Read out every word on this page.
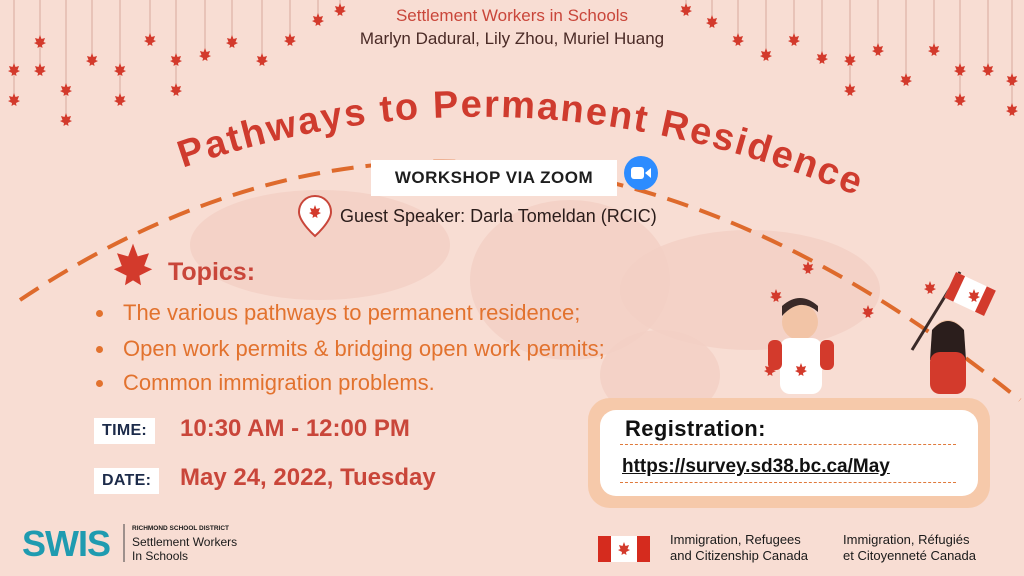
Pathways to Permanent Residence
Settlement Workers in Schools
Marlyn Dadural, Lily Zhou, Muriel Huang
WORKSHOP VIA ZOOM
Guest Speaker: Darla Tomeldan (RCIC)
Topics:
The various pathways to permanent residence;
Open work permits & bridging open work permits;
Common immigration problems.
TIME:	10:30 AM - 12:00 PM
DATE:	May 24, 2022, Tuesday
Registration:
https://survey.sd38.bc.ca/May
SWIS	RICHMOND SCHOOL DISTRICT
Settlement Workers
In Schools
Immigration, Refugees
and Citizenship Canada
Immigration, Réfugiés
et Citoyenneté Canada
